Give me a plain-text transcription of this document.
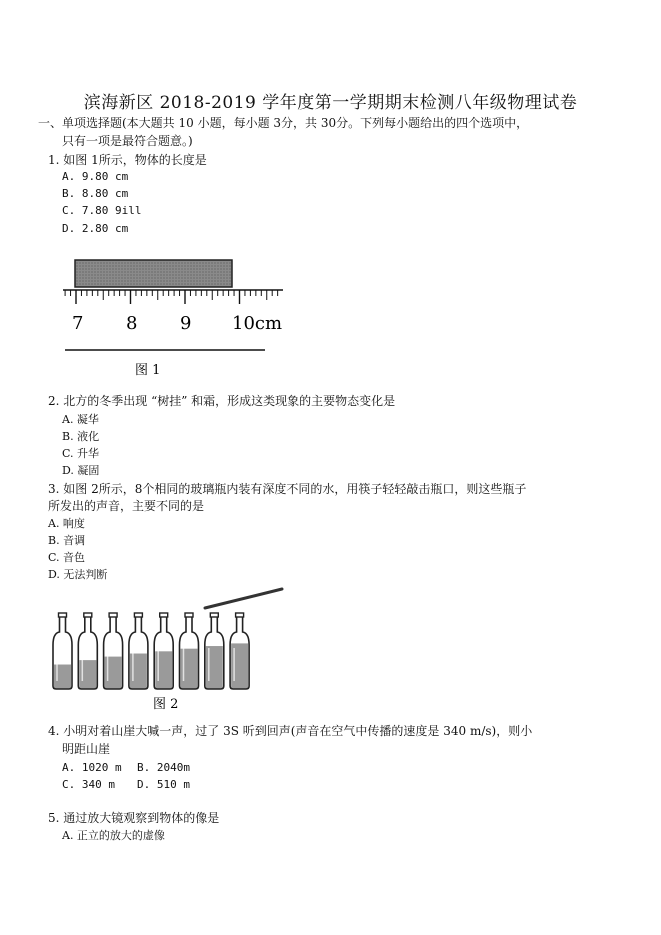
滨海新区 2018-2019 学年度第一学期期末检测八年级物理试卷
一、单项选择题(本大题共 10 小题，每小题 3分，共 30分。下列每小题给出的四个选项中，
只有一项是最符合题意。)
1. 如图 1所示，物体的长度是
A. 9.80 cm
B. 8.80 cm
C. 7.80 9ill
D. 2.80 cm
7 8 9 10cm
图 1
2. 北方的冬季出现 “树挂” 和霜，形成这类现象的主要物态变化是
A. 凝华
B. 液化
C. 升华
D. 凝固
3. 如图 2所示，8个相同的玻璃瓶内装有深度不同的水，用筷子轻轻敲击瓶口，则这些瓶子
所发出的声音，主要不同的是
A. 响度
B. 音调
C. 音色
D. 无法判断
图 2
4. 小明对着山崖大喊一声，过了 3S 听到回声(声音在空气中传播的速度是 340 m/s)，则小
明距山崖
A. 1020 m B. 2040m
C. 340 m D. 510 m
5. 通过放大镜观察到物体的像是
A. 正立的放大的虚像
